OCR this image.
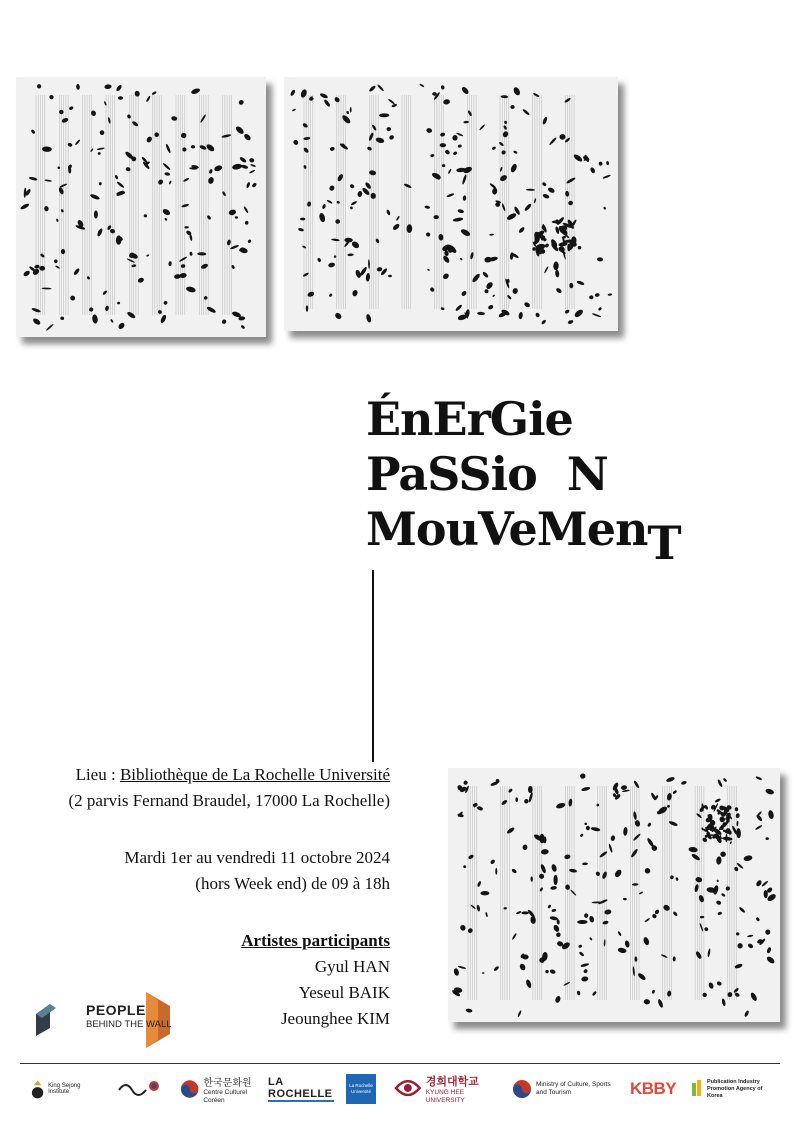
ÉnErGie
PaSSio N
MouVeMenT
Lieu : Bibliothèque de La Rochelle Université
(2 parvis Fernand Braudel, 17000 La Rochelle)
Mardi 1er au vendredi 11 octobre 2024
(hors Week end) de 09 à 18h
Artistes participants
Gyul HAN
Yeseul BAIK
Jeounghee KIM
PEOPLE
BEHIND THE WALL
King Sejong Institute
한국문화원
Centre Culturel Coréen
LA ROCHELLE
La Rochelle Université
경희대학교
KYUNG HEE UNIVERSITY
Ministry of Culture, Sports and Tourism	KBBY	Publication Industry Promotion Agency of Korea
